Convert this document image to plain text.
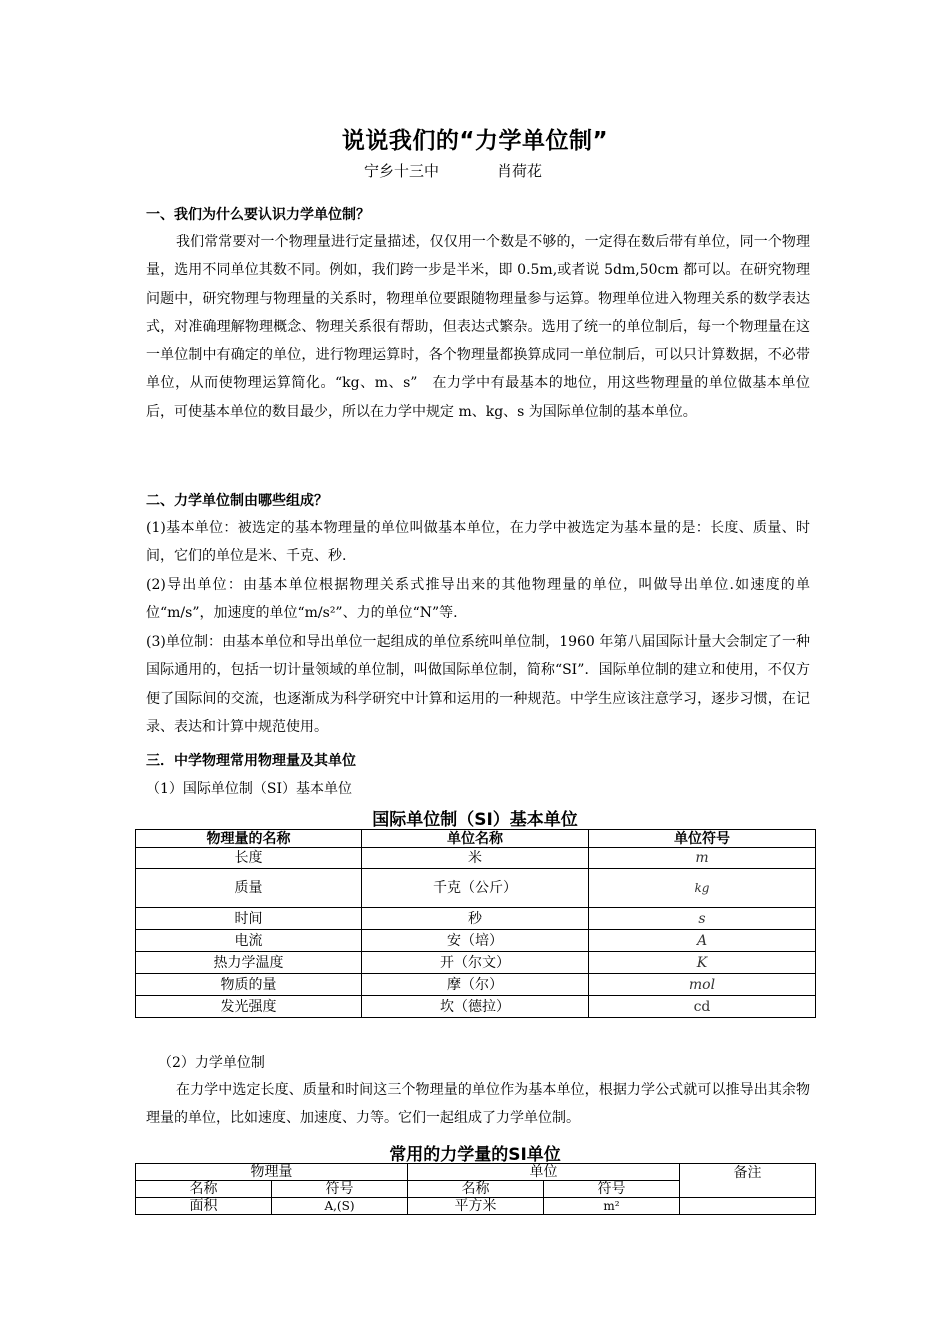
说说我们的“力学单位制”
宁乡十三中	肖荷花
一、我们为什么要认识力学单位制？
我们常常要对一个物理量进行定量描述，仅仅用一个数是不够的，一定得在数后带有单位，同一个物理量，选用不同单位其数不同。例如，我们跨一步是半米，即 0.5m,或者说 5dm,50cm 都可以。在研究物理问题中，研究物理与物理量的关系时，物理单位要跟随物理量参与运算。物理单位进入物理关系的数学表达式，对准确理解物理概念、物理关系很有帮助，但表达式繁杂。选用了统一的单位制后，每一个物理量在这一单位制中有确定的单位，进行物理运算时，各个物理量都换算成同一单位制后，可以只计算数据，不必带单位，从而使物理运算简化。“kg、m、s”　在力学中有最基本的地位，用这些物理量的单位做基本单位后，可使基本单位的数目最少，所以在力学中规定 m、kg、s 为国际单位制的基本单位。
二、力学单位制由哪些组成？
(1)基本单位：被选定的基本物理量的单位叫做基本单位，在力学中被选定为基本量的是：长度、质量、时间，它们的单位是米、千克、秒.
(2)导出单位：由基本单位根据物理关系式推导出来的其他物理量的单位，叫做导出单位.如速度的单位“m/s”，加速度的单位“m/s²”、力的单位“N”等.
(3)单位制：由基本单位和导出单位一起组成的单位系统叫单位制，1960 年第八届国际计量大会制定了一种国际通用的，包括一切计量领域的单位制，叫做国际单位制，简称“SI”．国际单位制的建立和使用，不仅方便了国际间的交流，也逐渐成为科学研究中计算和运用的一种规范。中学生应该注意学习，逐步习惯，在记录、表达和计算中规范使用。
三．中学物理常用物理量及其单位
（1）国际单位制（SI）基本单位
国际单位制（SI）基本单位
物理量的名称	单位名称	单位符号
长度	米	m
质量	千克（公斤）	kg
时间	秒	s
电流	安（培）	A
热力学温度	开（尔文）	K
物质的量	摩（尔）	mol
发光强度	坎（德拉）	cd
（2）力学单位制
在力学中选定长度、质量和时间这三个物理量的单位作为基本单位，根据力学公式就可以推导出其余物理量的单位，比如速度、加速度、力等。它们一起组成了力学单位制。
常用的力学量的SI单位
物理量		单位		备注
名称	符号	名称	符号	
面积	A,(S)	平方米	m²	
